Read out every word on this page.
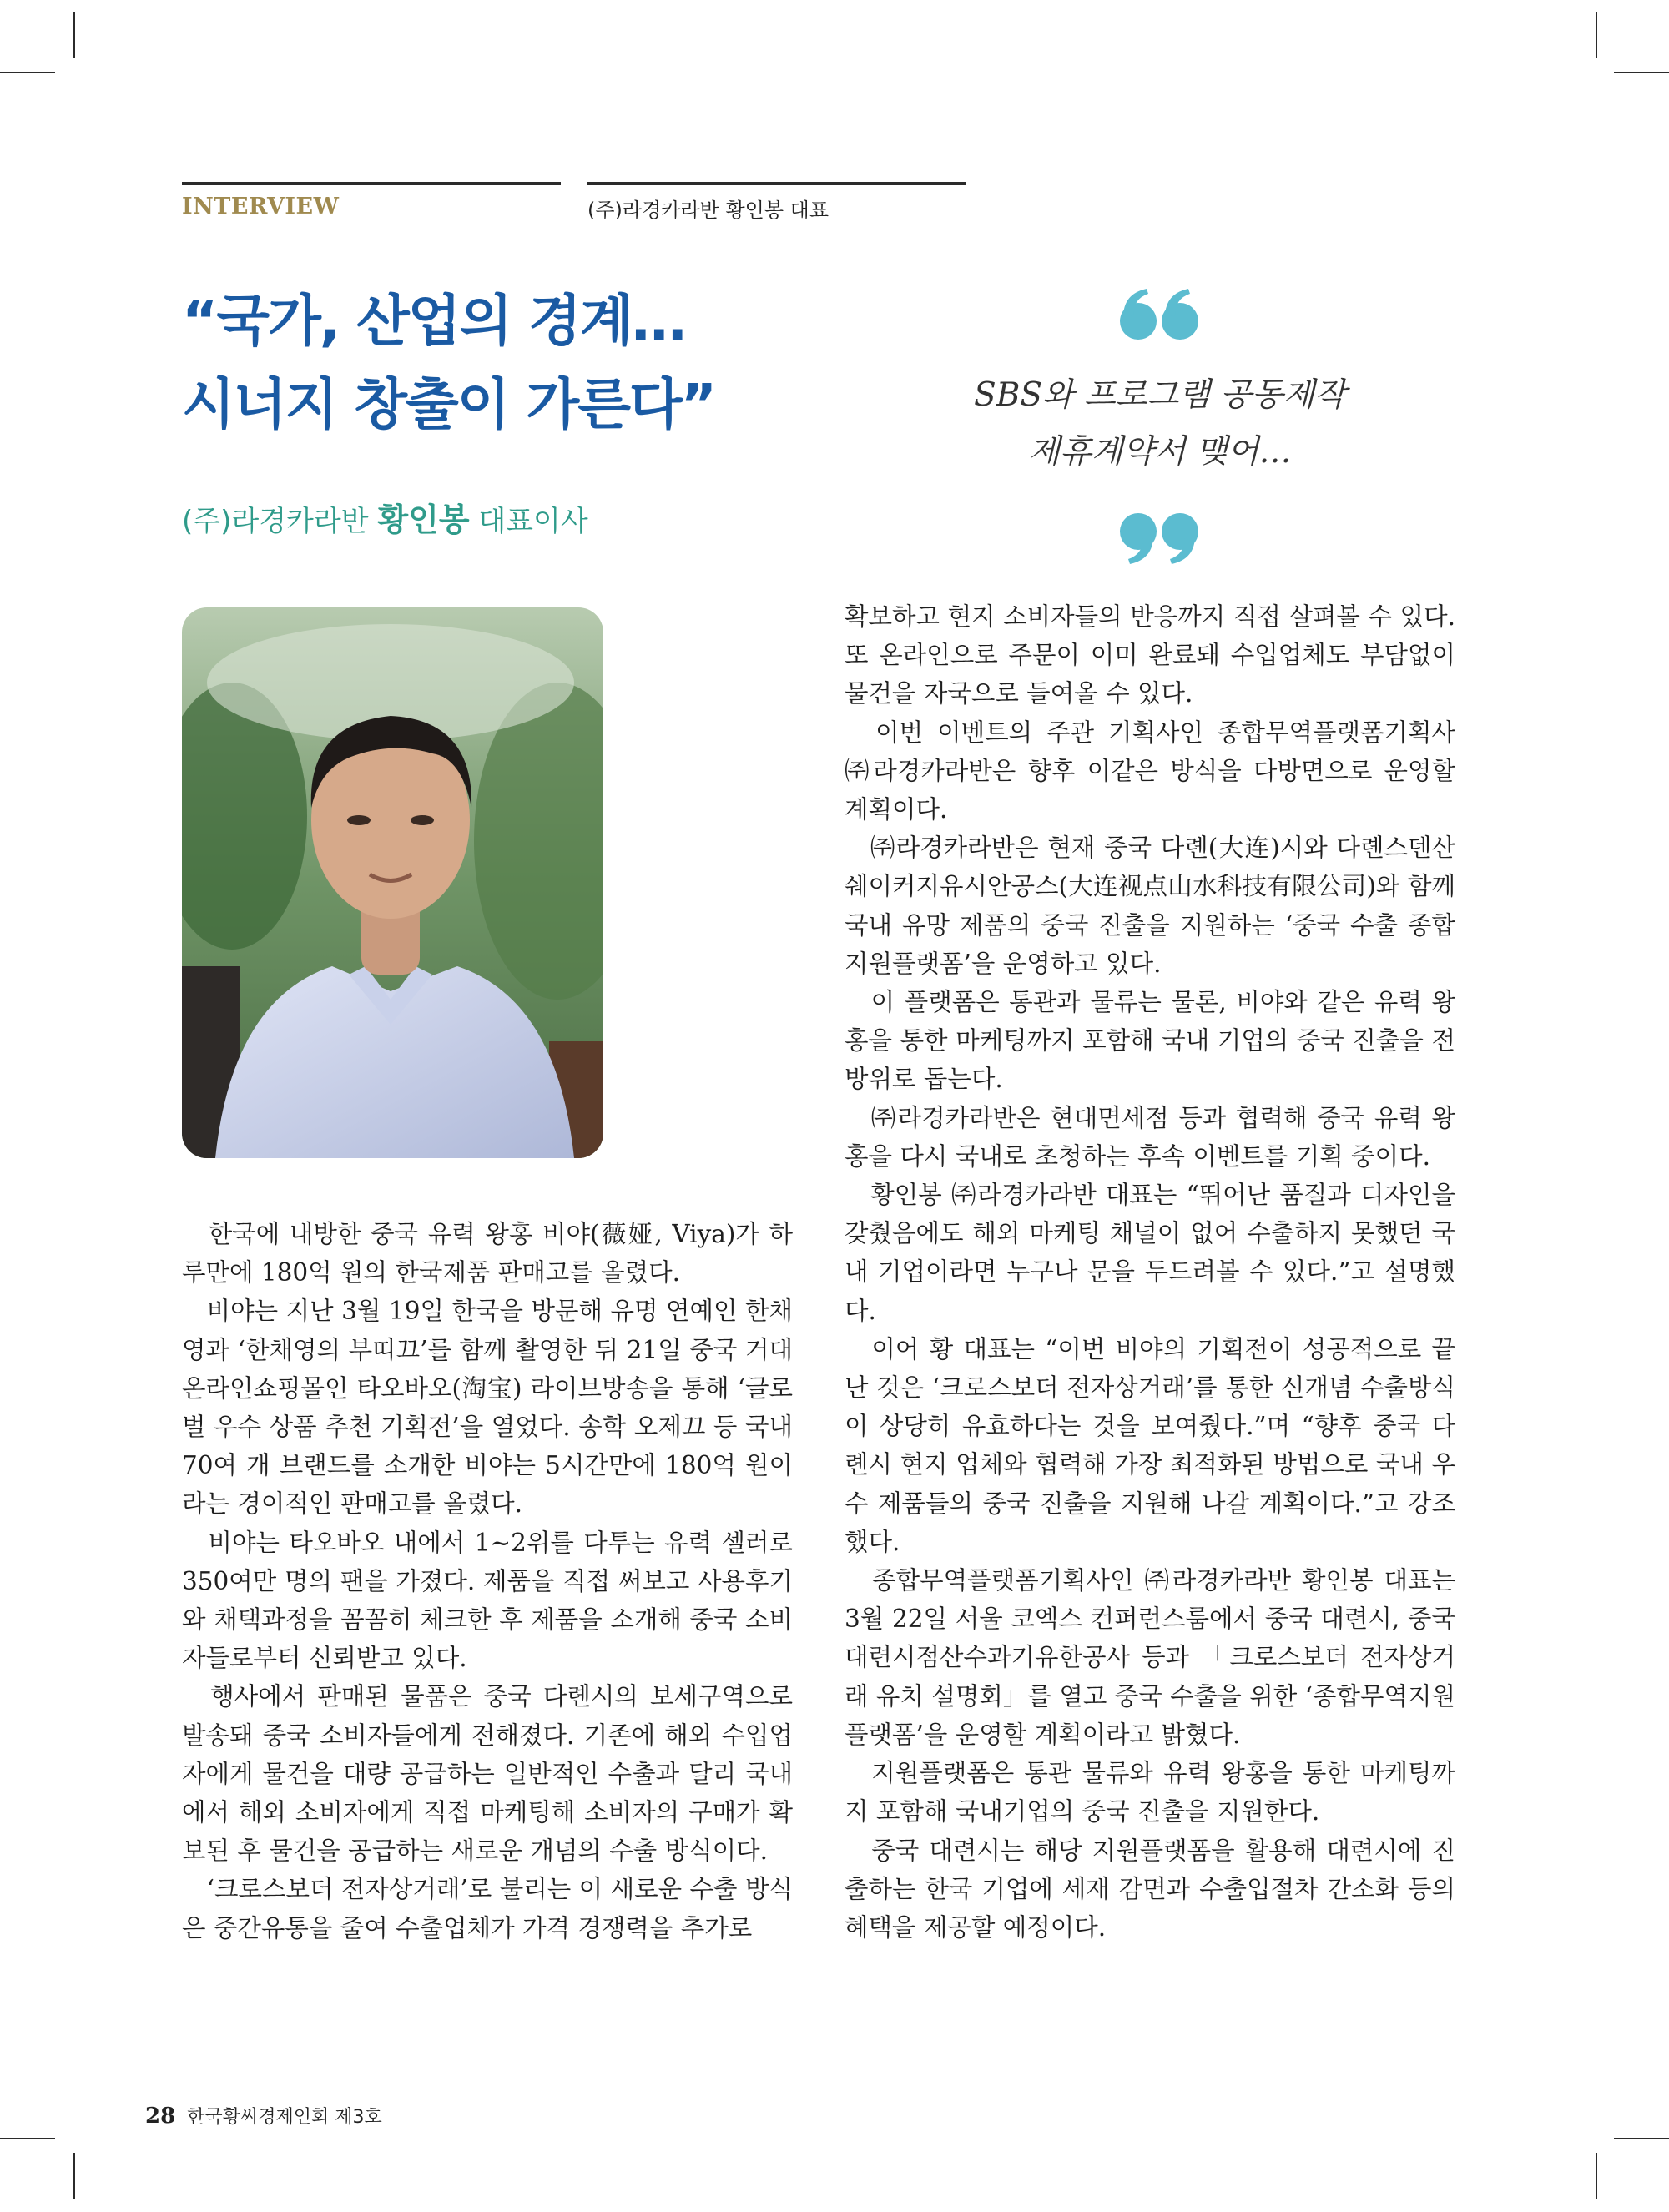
INTERVIEW	(주)라경카라반 황인봉 대표
“국가, 산업의 경계…
시너지 창출이 가른다”
(주)라경카라반 황인봉 대표이사
SBS와 프로그램 공동제작
제휴계약서 맺어…

　한국에 내방한 중국 유력 왕홍 비야(薇娅, Viya)가 하루만에 180억 원의 한국제품 판매고를 올렸다.

　비야는 지난 3월 19일 한국을 방문해 유명 연예인 한채영과 ‘한채영의 부띠끄’를 함께 촬영한 뒤 21일 중국 거대 온라인쇼핑몰인 타오바오(淘宝) 라이브방송을 통해 ‘글로벌 우수 상품 추천 기획전’을 열었다. 송학 오제끄 등 국내 70여 개 브랜드를 소개한 비야는 5시간만에 180억 원이라는 경이적인 판매고를 올렸다.

　비야는 타오바오 내에서 1~2위를 다투는 유력 셀러로 350여만 명의 팬을 가졌다. 제품을 직접 써보고 사용후기와 채택과정을 꼼꼼히 체크한 후 제품을 소개해 중국 소비자들로부터 신뢰받고 있다.

　행사에서 판매된 물품은 중국 다롄시의 보세구역으로 발송돼 중국 소비자들에게 전해졌다. 기존에 해외 수입업자에게 물건을 대량 공급하는 일반적인 수출과 달리 국내에서 해외 소비자에게 직접 마케팅해 소비자의 구매가 확보된 후 물건을 공급하는 새로운 개념의 수출 방식이다.

　‘크로스보더 전자상거래’로 불리는 이 새로운 수출 방식은 중간유통을 줄여 수출업체가 가격 경쟁력을 추가로

확보하고 현지 소비자들의 반응까지 직접 살펴볼 수 있다. 또 온라인으로 주문이 이미 완료돼 수입업체도 부담없이 물건을 자국으로 들여올 수 있다.

　이번 이벤트의 주관 기획사인 종합무역플랫폼기획사 ㈜라경카라반은 향후 이같은 방식을 다방면으로 운영할 계획이다.

　㈜라경카라반은 현재 중국 다롄(大连)시와 다롄스덴산쉐이커지유시안공스(大连视点山水科技有限公司)와 함께 국내 유망 제품의 중국 진출을 지원하는 ‘중국 수출 종합지원플랫폼’을 운영하고 있다.

　이 플랫폼은 통관과 물류는 물론, 비야와 같은 유력 왕홍을 통한 마케팅까지 포함해 국내 기업의 중국 진출을 전방위로 돕는다.

　㈜라경카라반은 현대면세점 등과 협력해 중국 유력 왕홍을 다시 국내로 초청하는 후속 이벤트를 기획 중이다.

　황인봉 ㈜라경카라반 대표는 “뛰어난 품질과 디자인을 갖췄음에도 해외 마케팅 채널이 없어 수출하지 못했던 국내 기업이라면 누구나 문을 두드려볼 수 있다.”고 설명했다.

　이어 황 대표는 “이번 비야의 기획전이 성공적으로 끝난 것은 ‘크로스보더 전자상거래’를 통한 신개념 수출방식이 상당히 유효하다는 것을 보여줬다.”며 “향후 중국 다롄시 현지 업체와 협력해 가장 최적화된 방법으로 국내 우수 제품들의 중국 진출을 지원해 나갈 계획이다.”고 강조했다.

　종합무역플랫폼기획사인 ㈜라경카라반 황인봉 대표는 3월 22일 서울 코엑스 컨퍼런스룸에서 중국 대련시, 중국 대련시점산수과기유한공사 등과 「크로스보더 전자상거래 유치 설명회」를 열고 중국 수출을 위한 ‘종합무역지원플랫폼’을 운영할 계획이라고 밝혔다.

　지원플랫폼은 통관 물류와 유력 왕홍을 통한 마케팅까지 포함해 국내기업의 중국 진출을 지원한다.

　중국 대련시는 해당 지원플랫폼을 활용해 대련시에 진출하는 한국 기업에 세재 감면과 수출입절차 간소화 등의 혜택을 제공할 예정이다.

28 한국황씨경제인회 제3호
